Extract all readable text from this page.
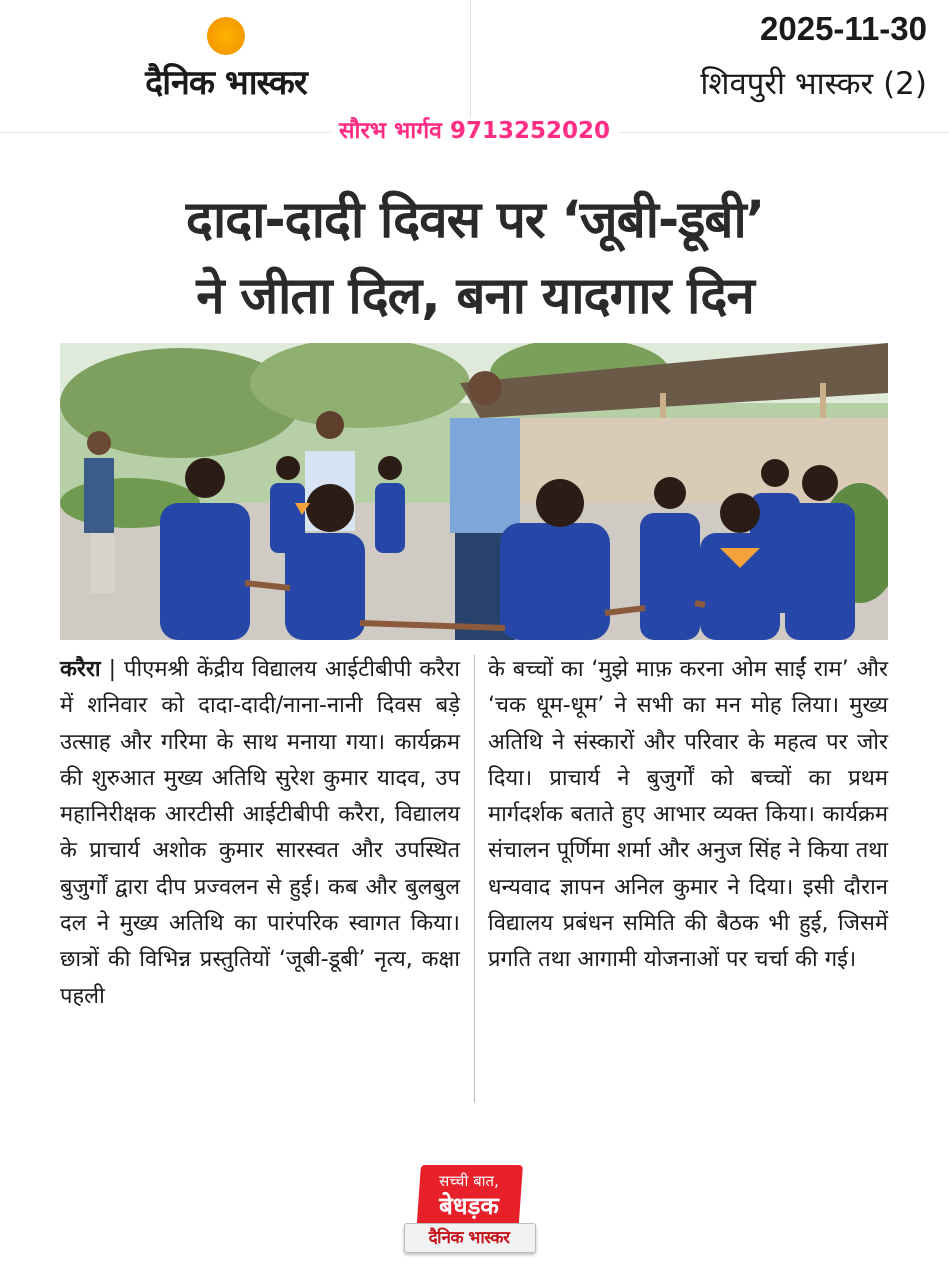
दैनिक भास्कर
2025-11-30
शिवपुरी भास्कर (2)
सौरभ भार्गव 9713252020
दादा-दादी दिवस पर ‘जूबी-डूबी’
ने जीता दिल, बना यादगार दिन
करैरा | पीएमश्री केंद्रीय विद्यालय आईटीबीपी करैरा में शनिवार को दादा-दादी/नाना-नानी दिवस बड़े उत्साह और गरिमा के साथ मनाया गया। कार्यक्रम की शुरुआत मुख्य अतिथि सुरेश कुमार यादव, उप महानिरीक्षक आरटीसी आईटीबीपी करैरा, विद्यालय के प्राचार्य अशोक कुमार सारस्वत और उपस्थित बुजुर्गों द्वारा दीप प्रज्वलन से हुई। कब और बुलबुल दल ने मुख्य अतिथि का पारंपरिक स्वागत किया। छात्रों की विभिन्न प्रस्तुतियों ‘जूबी-डूबी’ नृत्य, कक्षा पहली
के बच्चों का ‘मुझे माफ़ करना ओम साईं राम’ और ‘चक धूम-धूम’ ने सभी का मन मोह लिया। मुख्य अतिथि ने संस्कारों और परिवार के महत्व पर जोर दिया। प्राचार्य ने बुजुर्गों को बच्चों का प्रथम मार्गदर्शक बताते हुए आभार व्यक्त किया। कार्यक्रम संचालन पूर्णिमा शर्मा और अनुज सिंह ने किया तथा धन्यवाद ज्ञापन अनिल कुमार ने दिया। इसी दौरान विद्यालय प्रबंधन समिति की बैठक भी हुई, जिसमें प्रगति तथा आगामी योजनाओं पर चर्चा की गई।
सच्ची बात,
बेधड़क
दैनिक भास्कर
